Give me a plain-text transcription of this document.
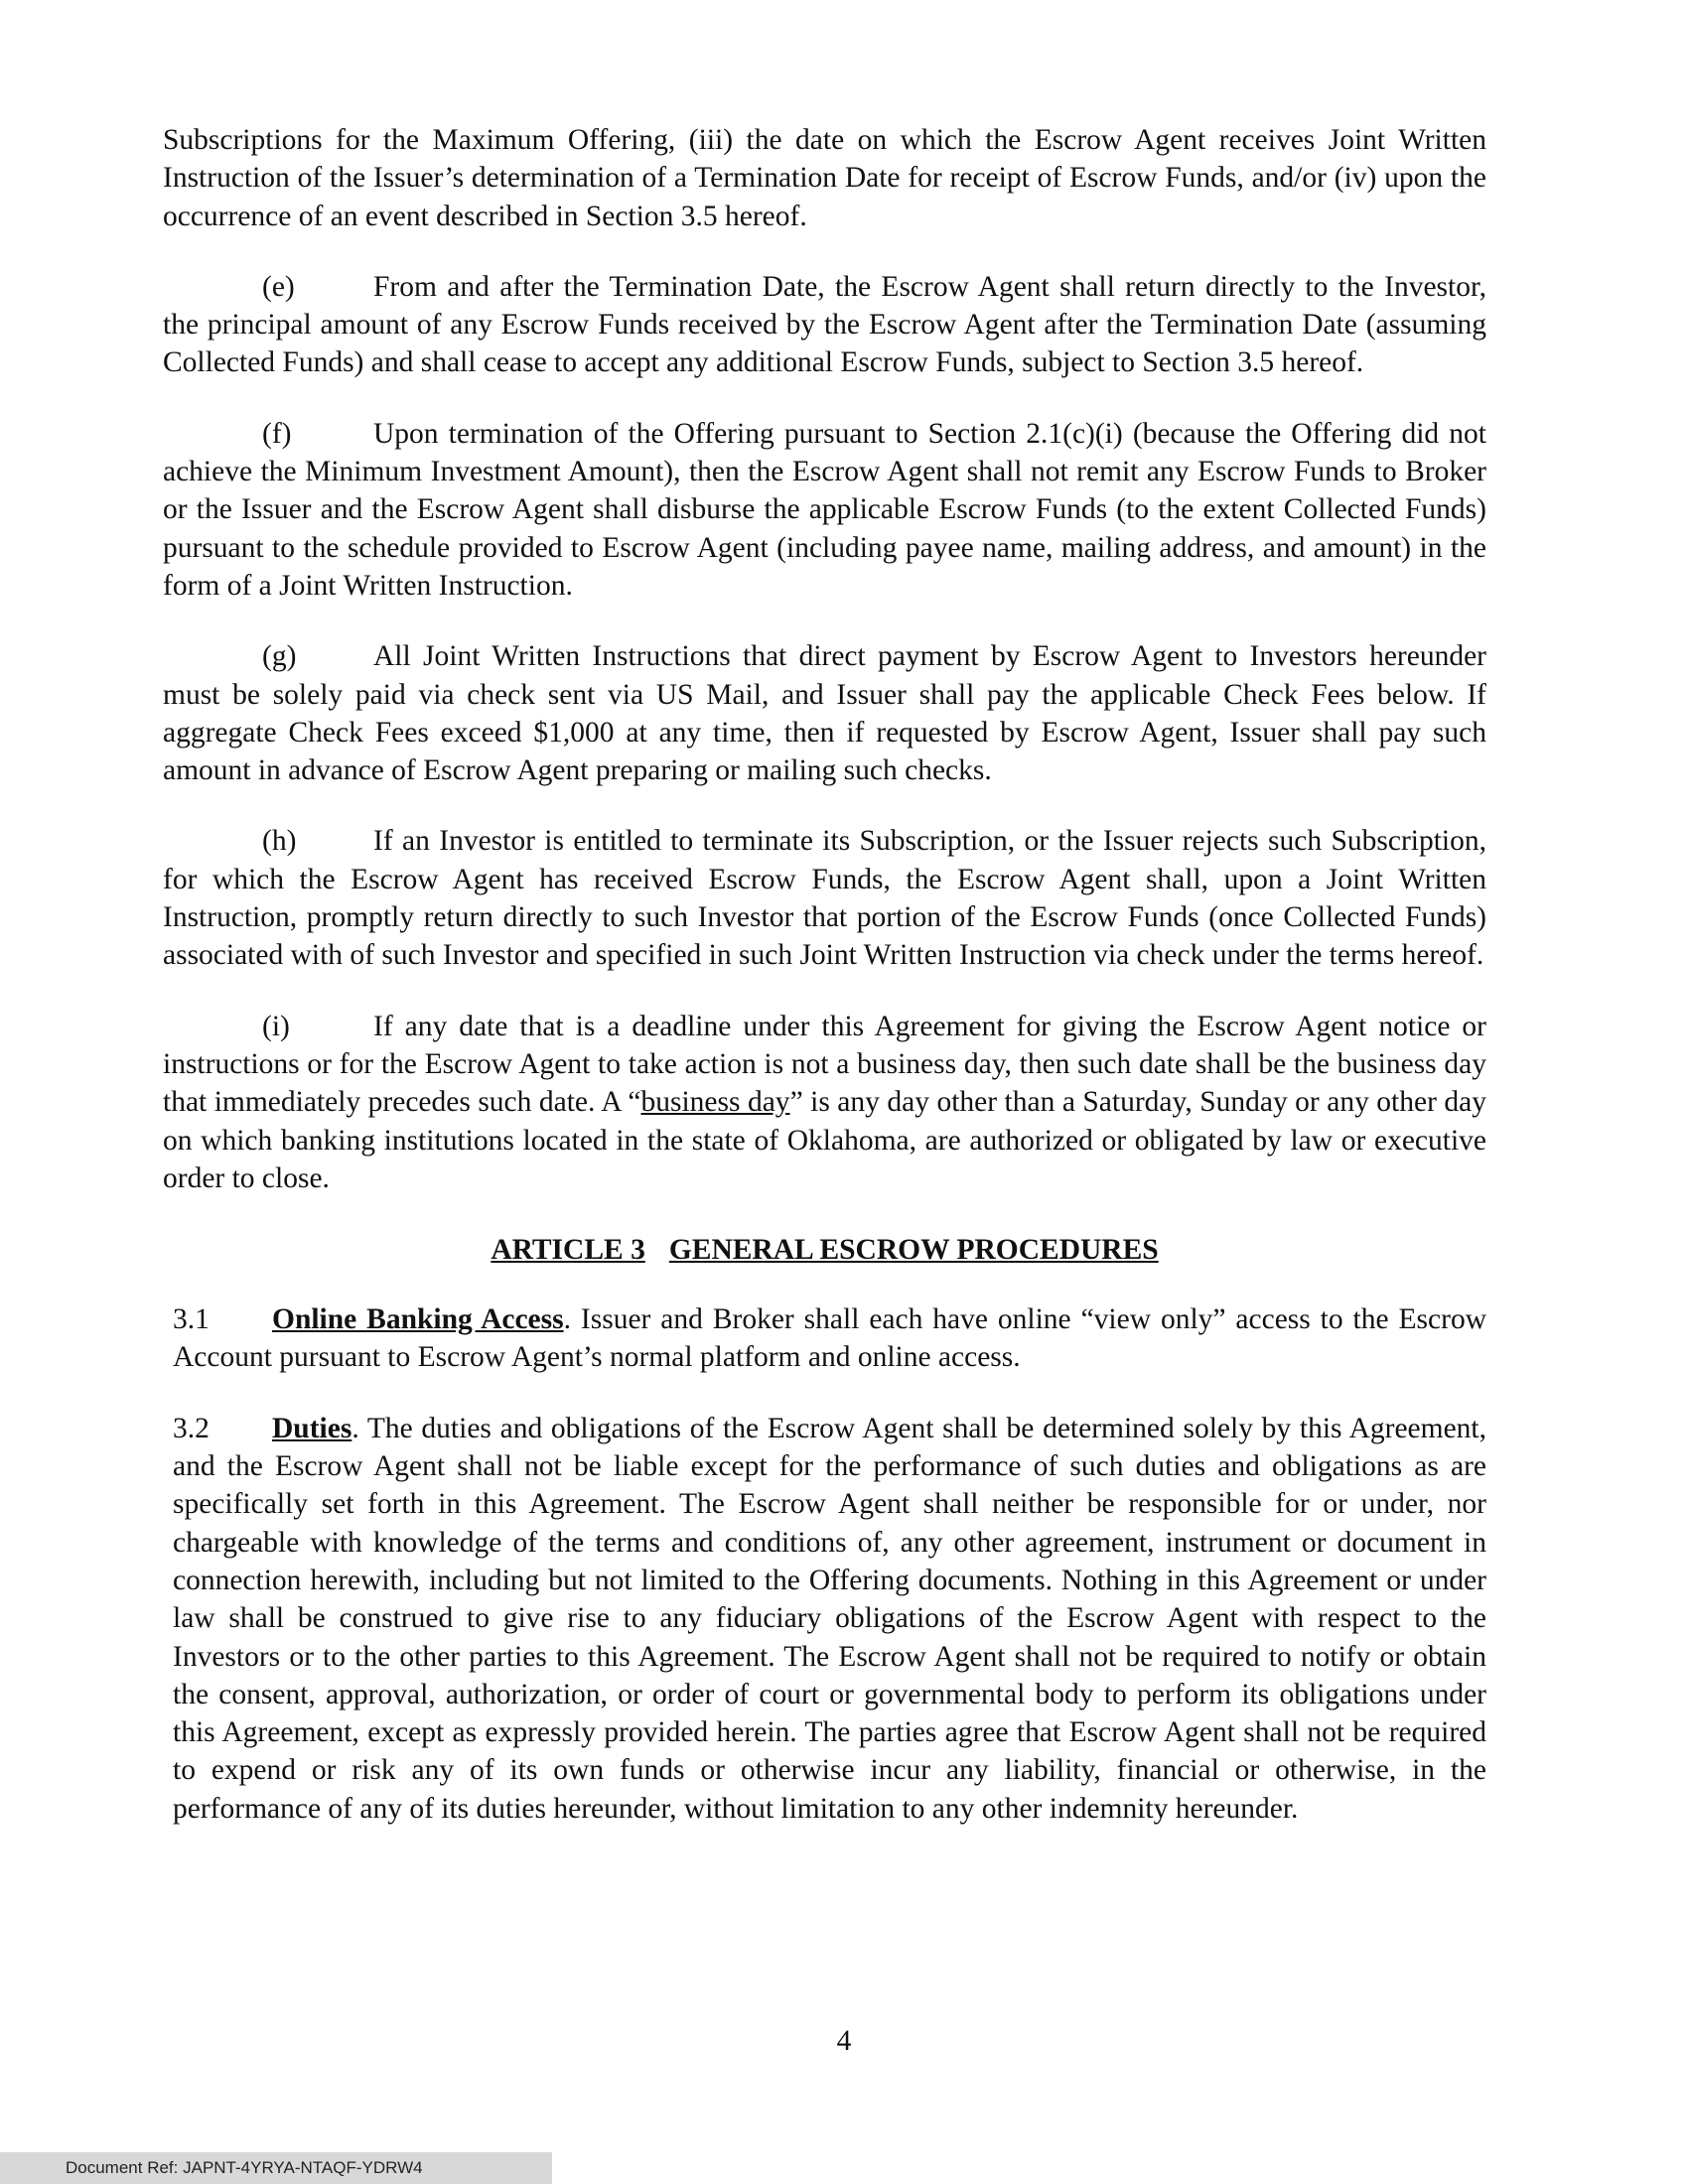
Subscriptions for the Maximum Offering, (iii) the date on which the Escrow Agent receives Joint Written Instruction of the Issuer’s determination of a Termination Date for receipt of Escrow Funds, and/or (iv) upon the occurrence of an event described in Section 3.5 hereof.

(e)	From and after the Termination Date, the Escrow Agent shall return directly to the Investor, the principal amount of any Escrow Funds received by the Escrow Agent after the Termination Date (assuming Collected Funds) and shall cease to accept any additional Escrow Funds, subject to Section 3.5 hereof.

(f)	Upon termination of the Offering pursuant to Section 2.1(c)(i) (because the Offering did not achieve the Minimum Investment Amount), then the Escrow Agent shall not remit any Escrow Funds to Broker or the Issuer and the Escrow Agent shall disburse the applicable Escrow Funds (to the extent Collected Funds) pursuant to the schedule provided to Escrow Agent (including payee name, mailing address, and amount) in the form of a Joint Written Instruction.

(g)	All Joint Written Instructions that direct payment by Escrow Agent to Investors hereunder must be solely paid via check sent via US Mail, and Issuer shall pay the applicable Check Fees below. If aggregate Check Fees exceed $1,000 at any time, then if requested by Escrow Agent, Issuer shall pay such amount in advance of Escrow Agent preparing or mailing such checks.

(h)	If an Investor is entitled to terminate its Subscription, or the Issuer rejects such Subscription, for which the Escrow Agent has received Escrow Funds, the Escrow Agent shall, upon a Joint Written Instruction, promptly return directly to such Investor that portion of the Escrow Funds (once Collected Funds) associated with of such Investor and specified in such Joint Written Instruction via check under the terms hereof.

(i)	If any date that is a deadline under this Agreement for giving the Escrow Agent notice or instructions or for the Escrow Agent to take action is not a business day, then such date shall be the business day that immediately precedes such date. A “business day” is any day other than a Saturday, Sunday or any other day on which banking institutions located in the state of Oklahoma, are authorized or obligated by law or executive order to close.

ARTICLE 3 GENERAL ESCROW PROCEDURES

3.1 Online Banking Access. Issuer and Broker shall each have online “view only” access to the Escrow Account pursuant to Escrow Agent’s normal platform and online access.

3.2 Duties. The duties and obligations of the Escrow Agent shall be determined solely by this Agreement, and the Escrow Agent shall not be liable except for the performance of such duties and obligations as are specifically set forth in this Agreement. The Escrow Agent shall neither be responsible for or under, nor chargeable with knowledge of the terms and conditions of, any other agreement, instrument or document in connection herewith, including but not limited to the Offering documents. Nothing in this Agreement or under law shall be construed to give rise to any fiduciary obligations of the Escrow Agent with respect to the Investors or to the other parties to this Agreement. The Escrow Agent shall not be required to notify or obtain the consent, approval, authorization, or order of court or governmental body to perform its obligations under this Agreement, except as expressly provided herein. The parties agree that Escrow Agent shall not be required to expend or risk any of its own funds or otherwise incur any liability, financial or otherwise, in the performance of any of its duties hereunder, without limitation to any other indemnity hereunder.

4
Document Ref: JAPNT-4YRYA-NTAQF-YDRW4
